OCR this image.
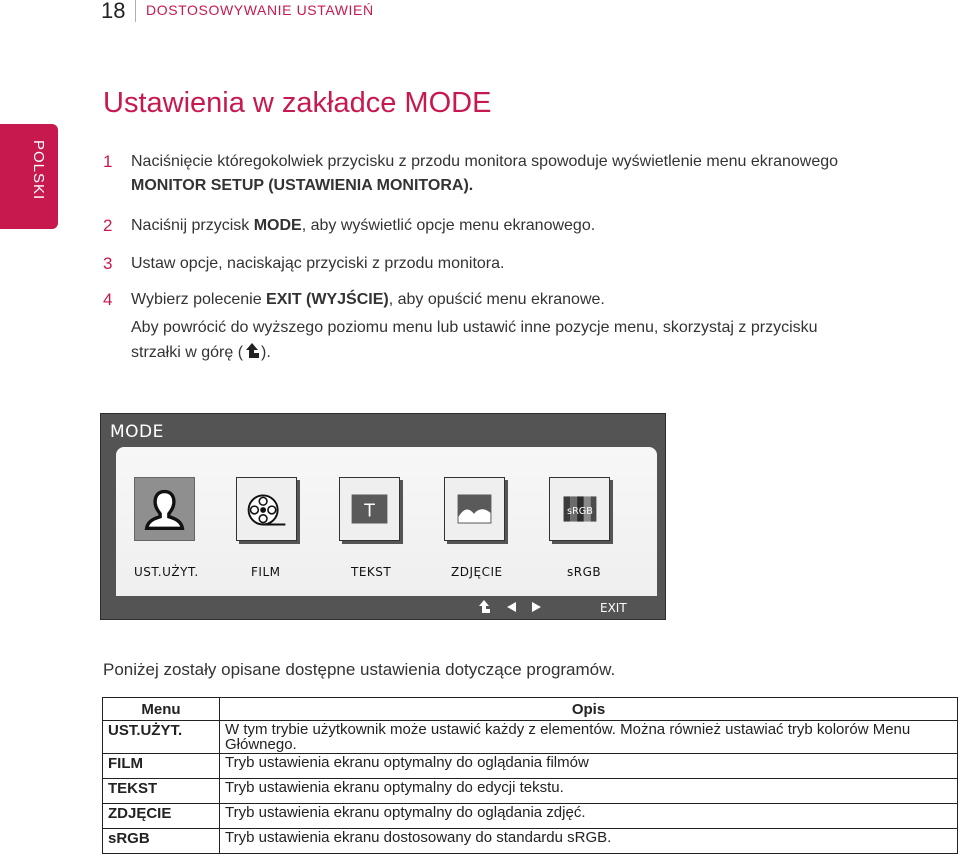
18 DOSTOSOWYWANIE USTAWIEŃ
POLSKI
Ustawienia w zakładce MODE
1 Naciśnięcie któregokolwiek przycisku z przodu monitora spowoduje wyświetlenie menu ekranowego
MONITOR SETUP (USTAWIENIA MONITORA).
2 Naciśnij przycisk MODE, aby wyświetlić opcje menu ekranowego.
3 Ustaw opcje, naciskając przyciski z przodu monitora.
4 Wybierz polecenie EXIT (WYJŚCIE), aby opuścić menu ekranowe.
Aby powrócić do wyższego poziomu menu lub ustawić inne pozycje menu, skorzystaj z przycisku
strzałki w górę ( ).
MODE
T	sRGB
UST.UŻYT.	FILM	TEKST	ZDJĘCIE	sRGB
EXIT
Poniżej zostały opisane dostępne ustawienia dotyczące programów.
Menu	Opis
UST.UŻYT.	W tym trybie użytkownik może ustawić każdy z elementów. Można również ustawiać tryb kolorów Menu Głównego.
FILM	Tryb ustawienia ekranu optymalny do oglądania filmów
TEKST	Tryb ustawienia ekranu optymalny do edycji tekstu.
ZDJĘCIE	Tryb ustawienia ekranu optymalny do oglądania zdjęć.
sRGB	Tryb ustawienia ekranu dostosowany do standardu sRGB.
